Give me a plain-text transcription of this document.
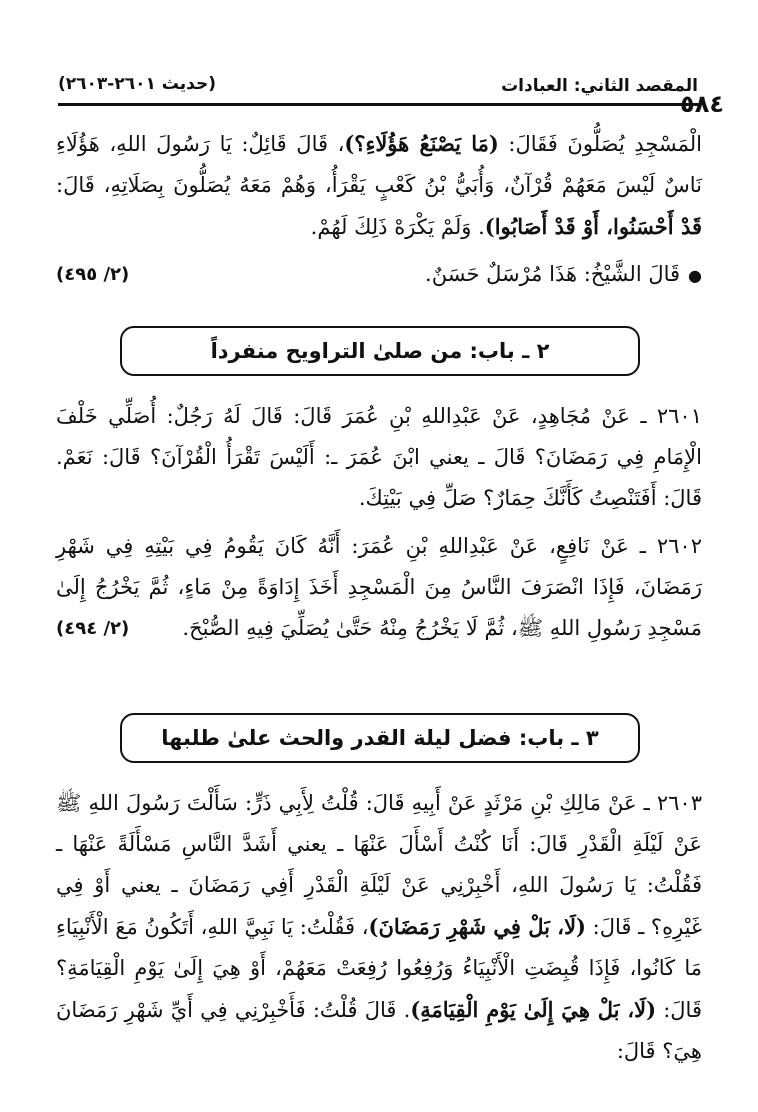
المقصد الثاني: العبادات
(حديث ٢٦٠١-٢٦٠٣)
٥٨٤

الْمَسْجِدِ يُصَلُّونَ فَقَالَ: (مَا يَصْنَعُ هَؤُلَاءِ؟)، قَالَ قَائِلٌ: يَا رَسُولَ اللهِ، هَؤُلَاءِ نَاسٌ لَيْسَ مَعَهُمْ قُرْآنٌ، وَأُبَيُّ بْنُ كَعْبٍ يَقْرَأُ، وَهُمْ مَعَهُ يُصَلُّونَ بِصَلَاتِهِ، قَالَ: قَدْ أَحْسَنُوا، أَوْ قَدْ أَصَابُوا). وَلَمْ يَكْرَهْ ذَلِكَ لَهُمْ.

●قَالَ الشَّيْخُ: هَذَا مُرْسَلٌ حَسَنٌ.
(٢/ ٤٩٥)

٢ ـ باب: من صلىٰ التراويح منفرداً

٢٦٠١ ـ عَنْ مُجَاهِدٍ، عَنْ عَبْدِاللهِ بْنِ عُمَرَ قَالَ: قَالَ لَهُ رَجُلٌ: أُصَلِّي خَلْفَ الْإِمَامِ فِي رَمَضَانَ؟ قَالَ ـ يعني ابْنَ عُمَرَ ـ: أَلَيْسَ تَقْرَأُ الْقُرْآنَ؟ قَالَ: نَعَمْ. قَالَ: أَفَتَنْصِتُ كَأَنَّكَ حِمَارٌ؟ صَلِّ فِي بَيْتِكَ.

٢٦٠٢ ـ عَنْ نَافِعٍ، عَنْ عَبْدِاللهِ بْنِ عُمَرَ: أَنَّهُ كَانَ يَقُومُ فِي بَيْتِهِ فِي شَهْرِ رَمَضَانَ، فَإِذَا انْصَرَفَ النَّاسُ مِنَ الْمَسْجِدِ أَخَذَ إِدَاوَةً مِنْ مَاءٍ، ثُمَّ يَخْرُجُ إِلَىٰ مَسْجِدِ رَسُولِ اللهِ ﷺ، ثُمَّ لَا يَخْرُجُ مِنْهُ حَتَّىٰ يُصَلِّيَ فِيهِ الصُّبْحَ.
(٢/ ٤٩٤)

٣ ـ باب: فضل ليلة القدر والحث علىٰ طلبها

٢٦٠٣ ـ عَنْ مَالِكِ بْنِ مَرْثَدٍ عَنْ أَبِيهِ قَالَ: قُلْتُ لِأَبِي ذَرٍّ: سَأَلْتَ رَسُولَ اللهِ ﷺ عَنْ لَيْلَةِ الْقَدْرِ قَالَ: أَنَا كُنْتُ أَسْأَلَ عَنْهَا ـ يعني أَشَدَّ النَّاسِ مَسْأَلَةً عَنْهَا ـ فَقُلْتُ: يَا رَسُولَ اللهِ، أَخْبِرْنِي عَنْ لَيْلَةِ الْقَدْرِ أَفِي رَمَضَانَ ـ يعني أَوْ فِي غَيْرِهِ؟ ـ قَالَ: (لَا، بَلْ فِي شَهْرِ رَمَضَانَ)، فَقُلْتُ: يَا نَبِيَّ اللهِ، أَتَكُونُ مَعَ الْأَنْبِيَاءِ مَا كَانُوا، فَإِذَا قُبِضَتِ الْأَنْبِيَاءُ وَرُفِعُوا رُفِعَتْ مَعَهُمْ، أَوْ هِيَ إِلَىٰ يَوْمِ الْقِيَامَةِ؟ قَالَ: (لَا، بَلْ هِيَ إِلَىٰ يَوْمِ الْقِيَامَةِ). قَالَ قُلْتُ: فَأَخْبِرْنِي فِي أَيِّ شَهْرِ رَمَضَانَ هِيَ؟ قَالَ:
